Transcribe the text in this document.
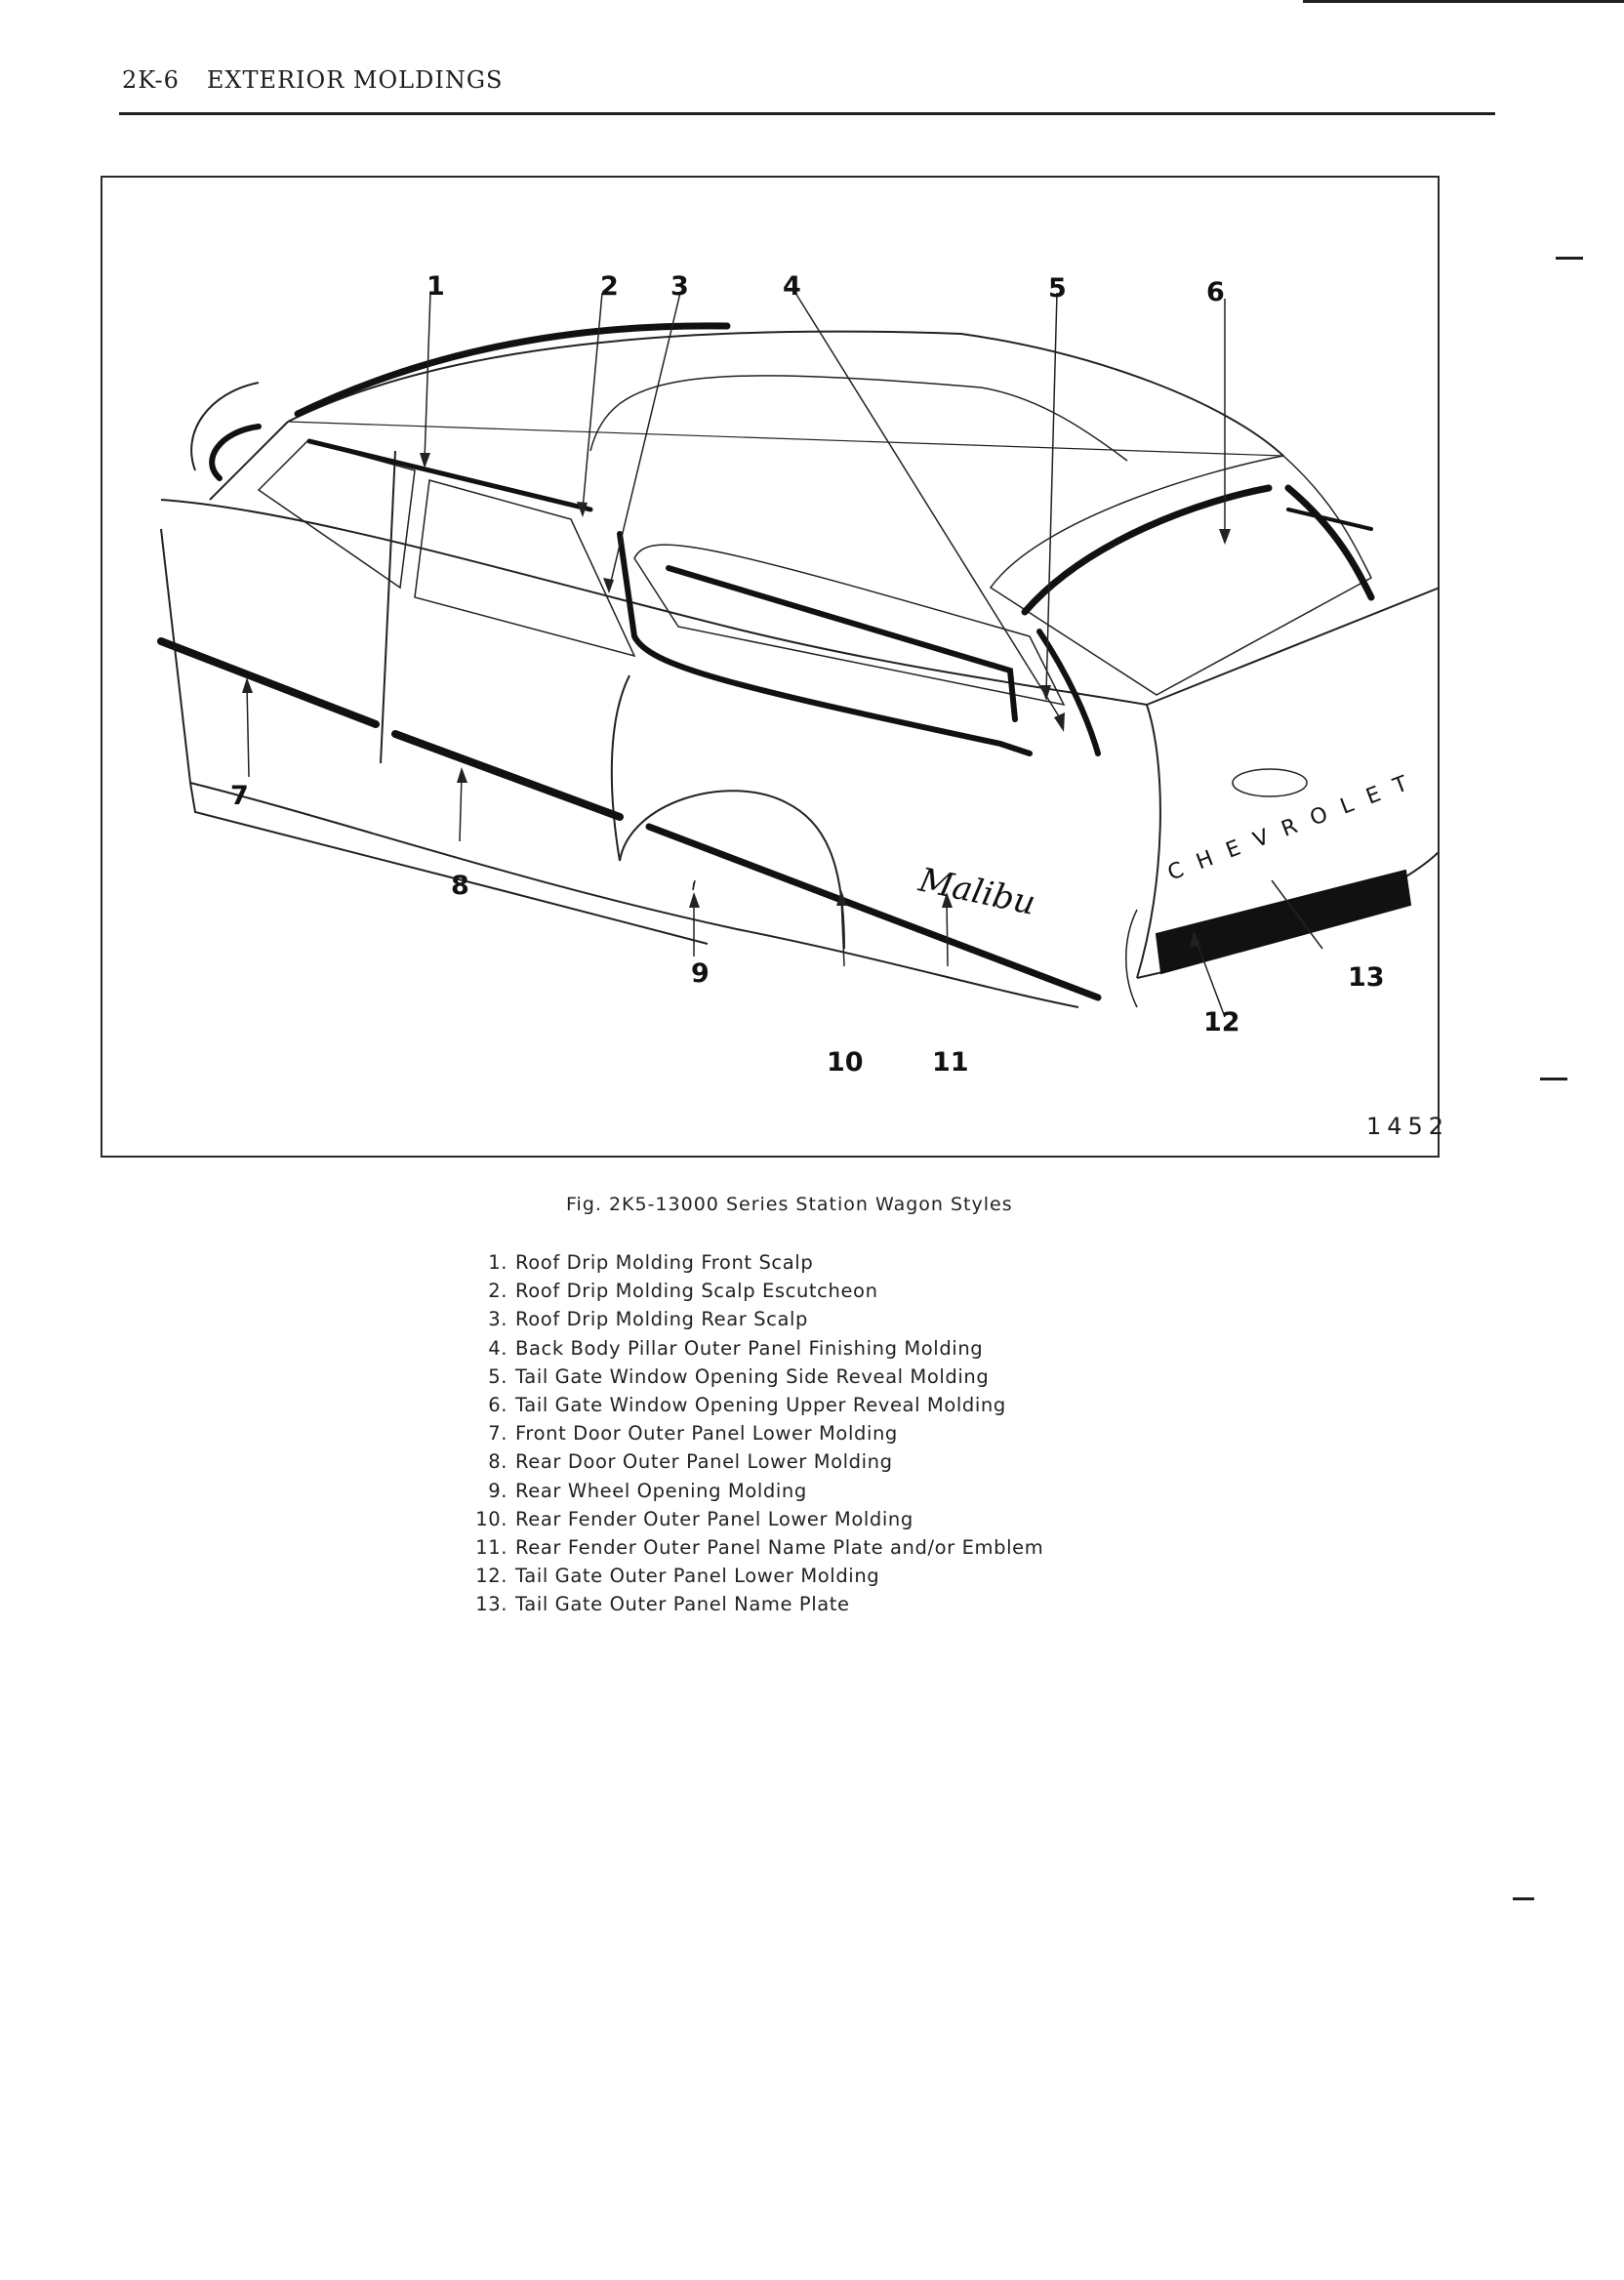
2K-6 EXTERIOR MOLDINGS
CHEVROLET
Malibu
1	2 3	4	5	6
7
8
9
10	11
12
13
1452
Fig. 2K5-13000 Series Station Wagon Styles
1. Roof Drip Molding Front Scalp
2. Roof Drip Molding Scalp Escutcheon
3. Roof Drip Molding Rear Scalp
4. Back Body Pillar Outer Panel Finishing Molding
5. Tail Gate Window Opening Side Reveal Molding
6. Tail Gate Window Opening Upper Reveal Molding
7. Front Door Outer Panel Lower Molding
8. Rear Door Outer Panel Lower Molding
9. Rear Wheel Opening Molding
10. Rear Fender Outer Panel Lower Molding
11. Rear Fender Outer Panel Name Plate and/or Emblem
12. Tail Gate Outer Panel Lower Molding
13. Tail Gate Outer Panel Name Plate
